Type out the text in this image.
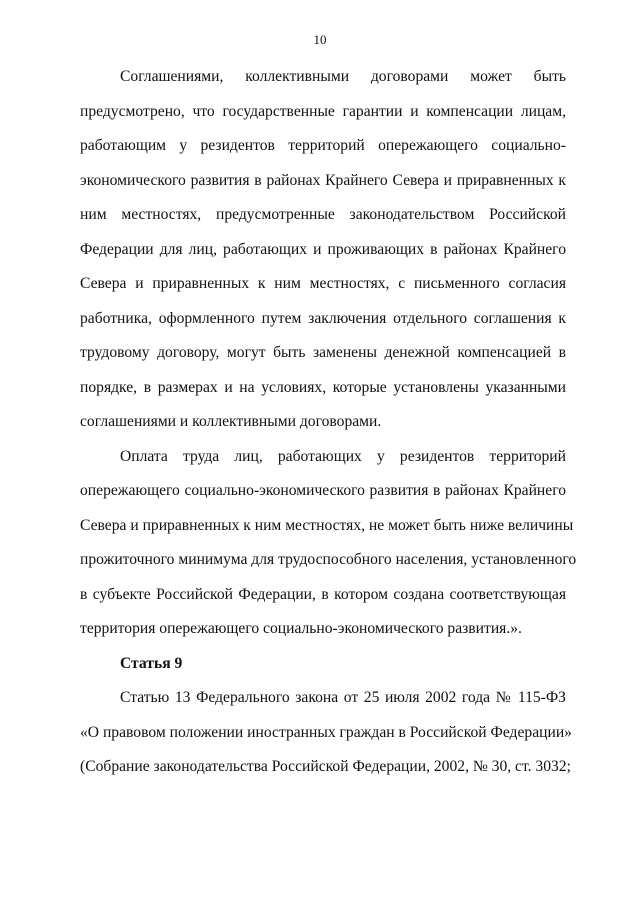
10
Соглашениями, коллективными договорами может быть
предусмотрено, что государственные гарантии и компенсации лицам,
работающим у резидентов территорий опережающего социально-
экономического развития в районах Крайнего Севера и приравненных к
ним местностях, предусмотренные законодательством Российской
Федерации для лиц, работающих и проживающих в районах Крайнего
Севера и приравненных к ним местностях, с письменного согласия
работника, оформленного путем заключения отдельного соглашения к
трудовому договору, могут быть заменены денежной компенсацией в
порядке, в размерах и на условиях, которые установлены указанными
соглашениями и коллективными договорами.
Оплата труда лиц, работающих у резидентов территорий
опережающего социально-экономического развития в районах Крайнего
Севера и приравненных к ним местностях, не может быть ниже величины
прожиточного минимума для трудоспособного населения, установленного
в субъекте Российской Федерации, в котором создана соответствующая
территория опережающего социально-экономического развития.».
Статья 9
Статью 13 Федерального закона от 25 июля 2002 года № 115-ФЗ
«О правовом положении иностранных граждан в Российской Федерации»
(Собрание законодательства Российской Федерации, 2002, № 30, ст. 3032;
